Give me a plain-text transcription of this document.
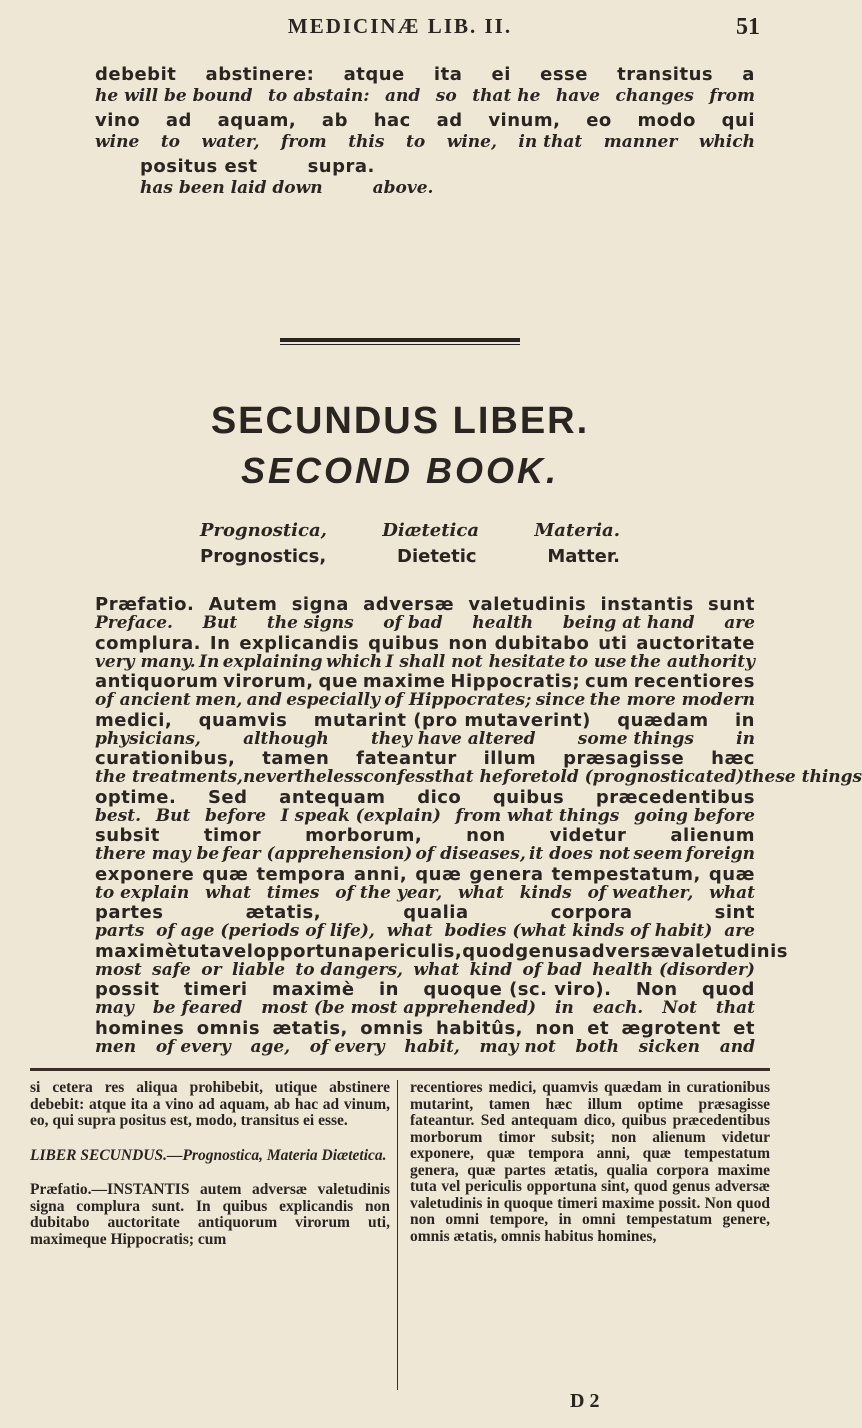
MEDICINÆ LIB. II.	51
debebit abstinere: atque ita ei esse transitus a
he will be bound to abstain: and so that he have changes from
vino ad aquam, ab hac ad vinum, eo modo qui
wine to water, from this to wine, in that manner which
positus est	supra.
has been laid down	above.
SECUNDUS LIBER.
SECOND BOOK.
Prognostica,	Diætetica	Materia.
Prognostics,	Dietetic	Matter.
Præfatio. Autem signa adversæ valetudinis instantis sunt
Preface. But the signs of bad health being at hand are
complura. In explicandis quibus non dubitabo uti auctoritate
very many. In explaining which I shall not hesitate to use the authority
antiquorum virorum, que maxime Hippocratis; cum recentiores
of ancient men, and especially of Hippocrates; since the more modern
medici, quamvis mutarint (pro mutaverint) quædam in
physicians, although they have altered some things in
curationibus, tamen fateantur illum præsagisse hæc
the treatments, nevertheless confess that he foretold (prognosticated) these things
optime. Sed antequam dico quibus præcedentibus
best. But before I speak (explain) from what things going before
subsit timor morborum, non videtur alienum
there may be fear (apprehension) of diseases, it does not seem foreign
exponere quæ tempora anni, quæ genera tempestatum, quæ
to explain what times of the year, what kinds of weather, what
partes	ætatis,	qualia	corpora	sint
parts of age (periods of life), what bodies (what kinds of habit) are
maximè tuta vel opportuna periculis, quod genus adversæ valetudinis
most safe or liable to dangers, what kind of bad health (disorder)
possit timeri maximè in quoque (sc. viro). Non quod
may be feared most (be most apprehended) in each. Not that
homines omnis ætatis, omnis habitûs, non et ægrotent et
men of every age, of every habit, may not both sicken and

si cetera res aliqua prohibebit, utique abstinere debebit: atque ita a vino ad aquam, ab hac ad vinum, eo, qui supra positus est, modo, transitus ei esse.

LIBER SECUNDUS.—Prognostica, Materia Diætetica.

Præfatio.—INSTANTIS autem adversæ valetudinis signa complura sunt. In quibus explicandis non dubitabo auctoritate antiquorum virorum uti, maximeque Hippocratis; cum

recentiores medici, quamvis quædam in curationibus mutarint, tamen hæc illum optime præsagisse fateantur. Sed antequam dico, quibus præcedentibus morborum timor subsit; non alienum videtur exponere, quæ tempora anni, quæ tempestatum genera, quæ partes ætatis, qualia corpora maxime tuta vel periculis opportuna sint, quod genus adversæ valetudinis in quoque timeri maxime possit. Non quod non omni tempore, in omni tempestatum genere, omnis ætatis, omnis habitus homines,

D 2
